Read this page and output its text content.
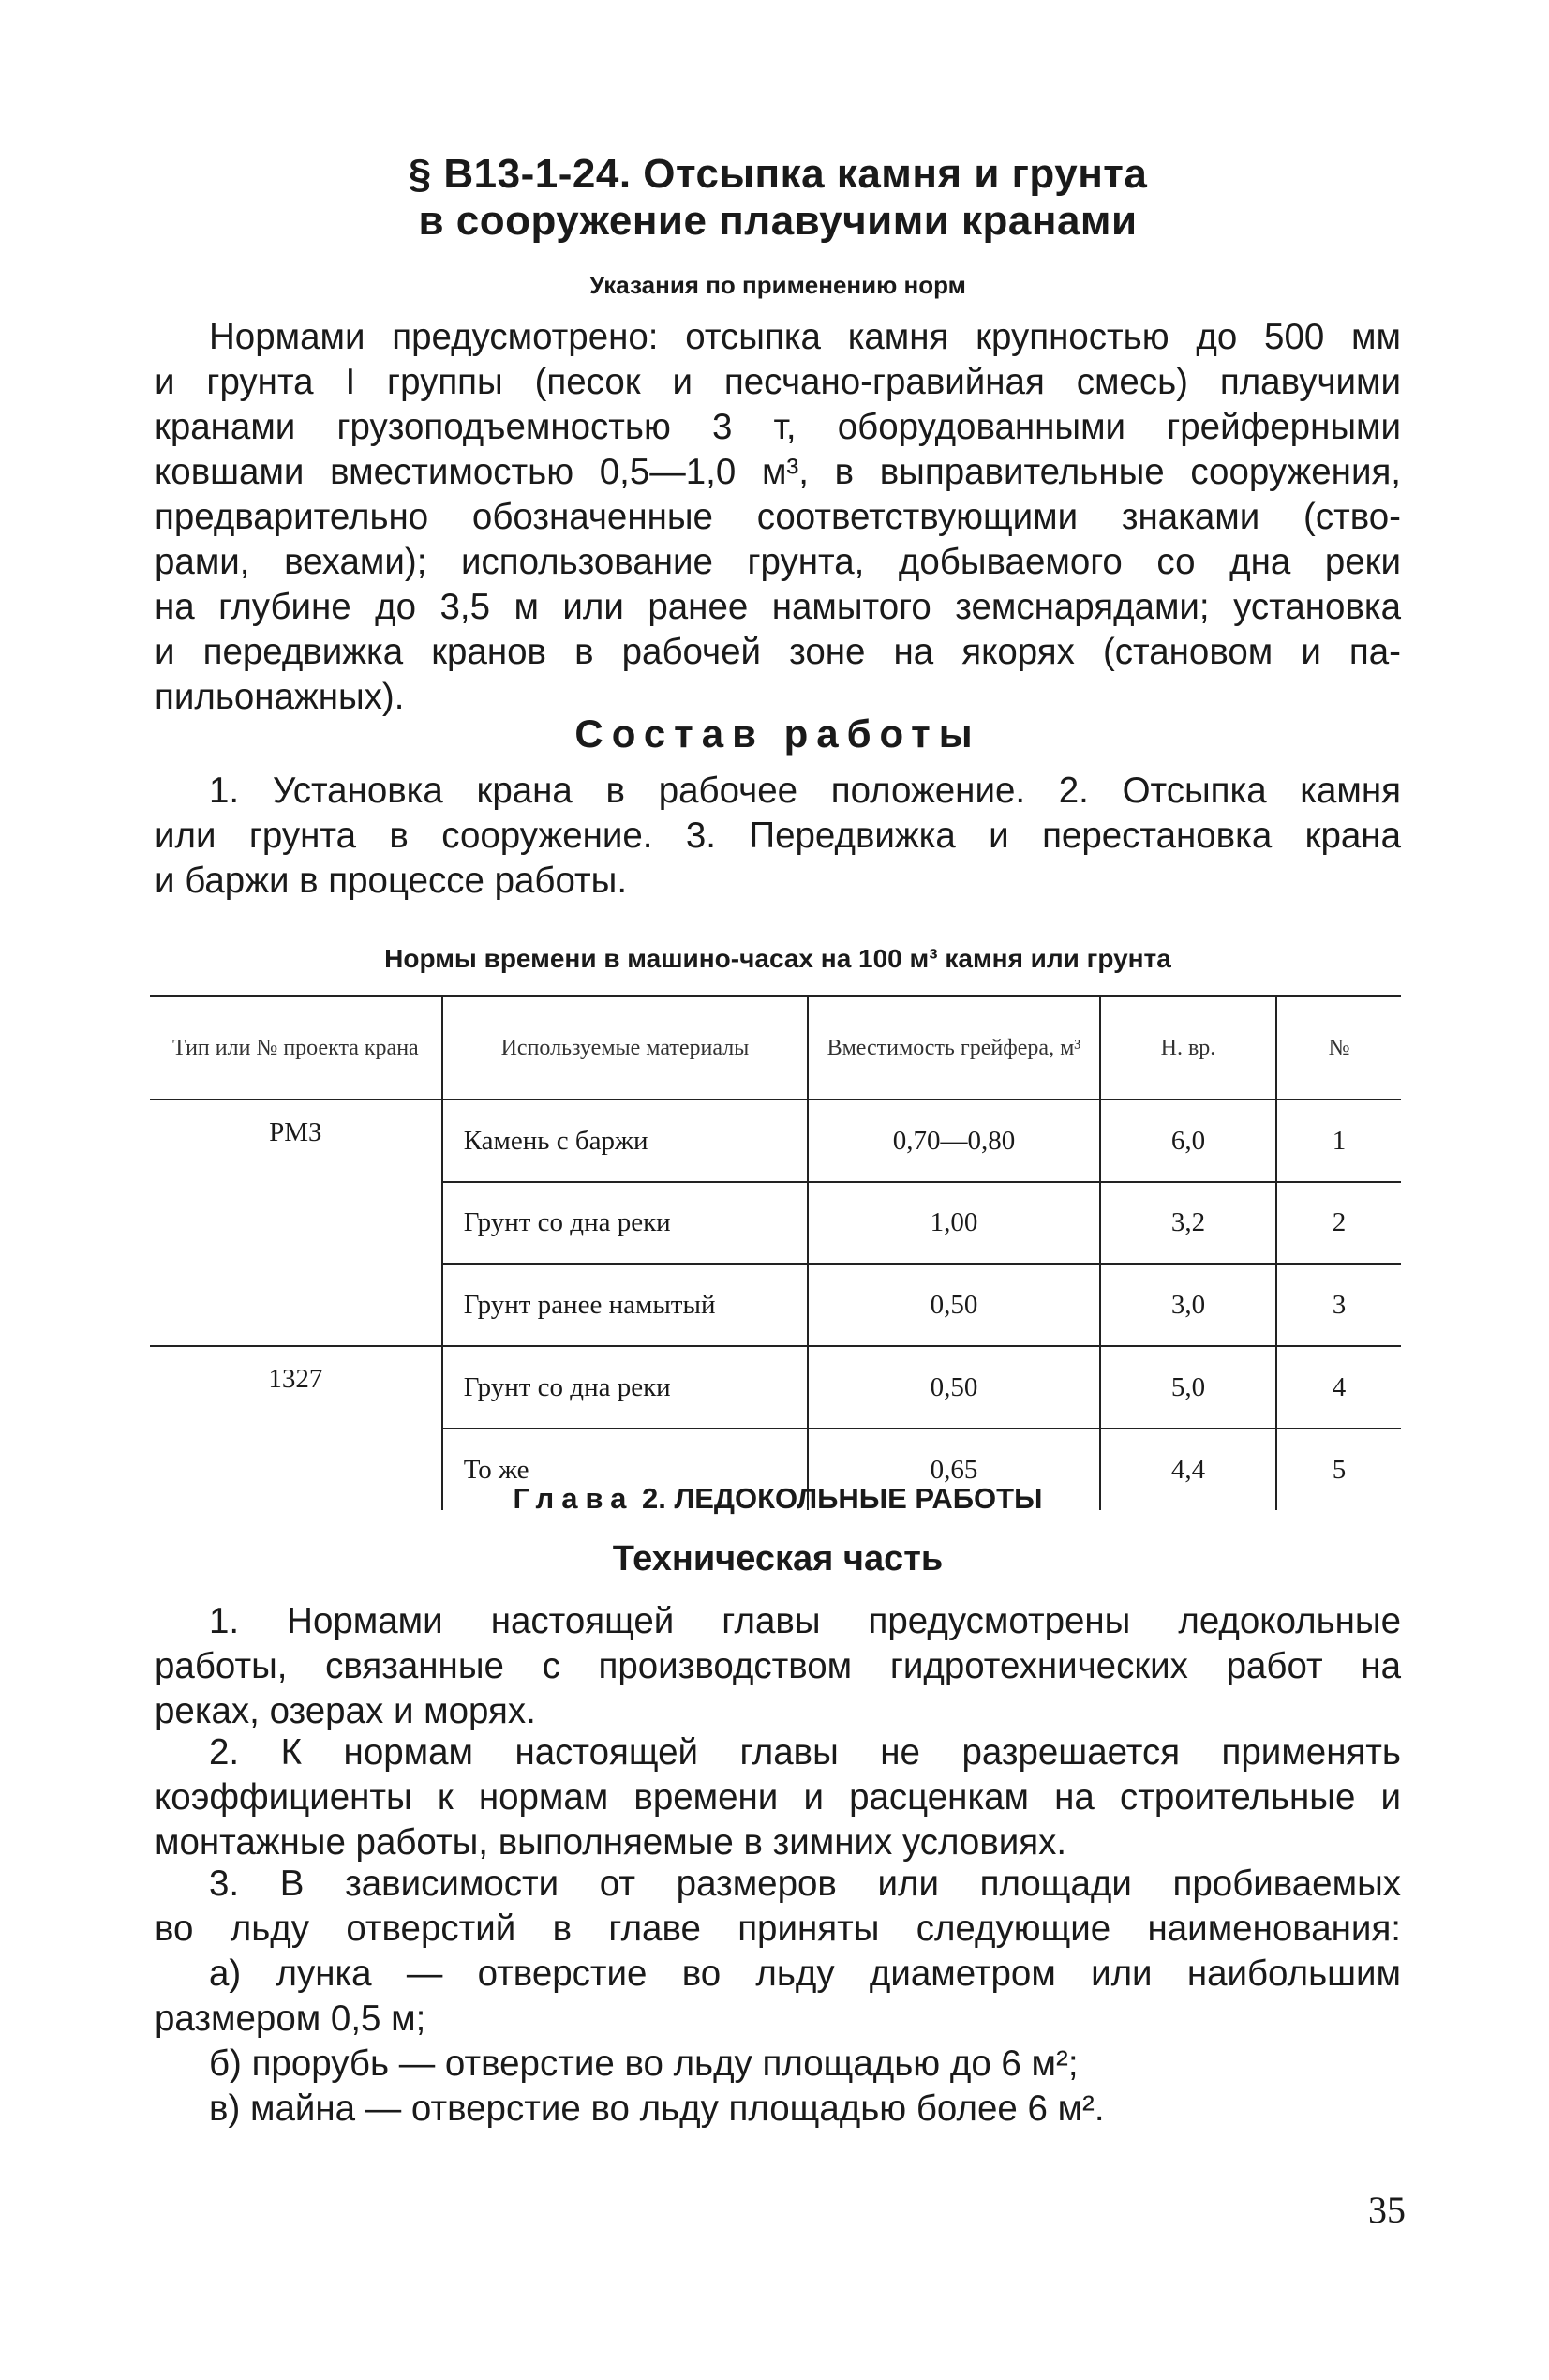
§ В13-1-24. Отсыпка камня и грунта
в сооружение плавучими кранами
Указания по применению норм
Нормами предусмотрено: отсыпка камня крупностью до 500 мм
и грунта I группы (песок и песчано-гравийная смесь) плавучими
кранами грузоподъемностью 3 т, оборудованными грейферными
ковшами вместимостью 0,5—1,0 м³, в выправительные сооружения,
предварительно обозначенные соответствующими знаками (ство-
рами, вехами); использование грунта, добываемого со дна реки
на глубине до 3,5 м или ранее намытого земснарядами; установка
и передвижка кранов в рабочей зоне на якорях (становом и па-
пильонажных).
Состав работы
1. Установка крана в рабочее положение. 2. Отсыпка камня
или грунта в сооружение. 3. Передвижка и перестановка крана
и баржи в процессе работы.
Нормы времени в машино-часах на 100 м³ камня или грунта
Тип или № проекта крана	Используемые материалы	Вместимость грейфера, м³	Н. вр.	№
РМЗ	Камень с баржи	0,70—0,80	6,0	1
	Грунт со дна реки	1,00	3,2	2
	Грунт ранее намытый	0,50	3,0	3
1327	Грунт со дна реки	0,50	5,0	4
	То же	0,65	4,4	5
Глава 2. ЛЕДОКОЛЬНЫЕ РАБОТЫ
Техническая часть
1. Нормами настоящей главы предусмотрены ледокольные
работы, связанные с производством гидротехнических работ на
реках, озерах и морях.
2. К нормам настоящей главы не разрешается применять
коэффициенты к нормам времени и расценкам на строительные и
монтажные работы, выполняемые в зимних условиях.
3. В зависимости от размеров или площади пробиваемых
во льду отверстий в главе приняты следующие наименования:
а) лунка — отверстие во льду диаметром или наибольшим
размером 0,5 м;
б) прорубь — отверстие во льду площадью до 6 м²;
в) майна — отверстие во льду площадью более 6 м².
35
